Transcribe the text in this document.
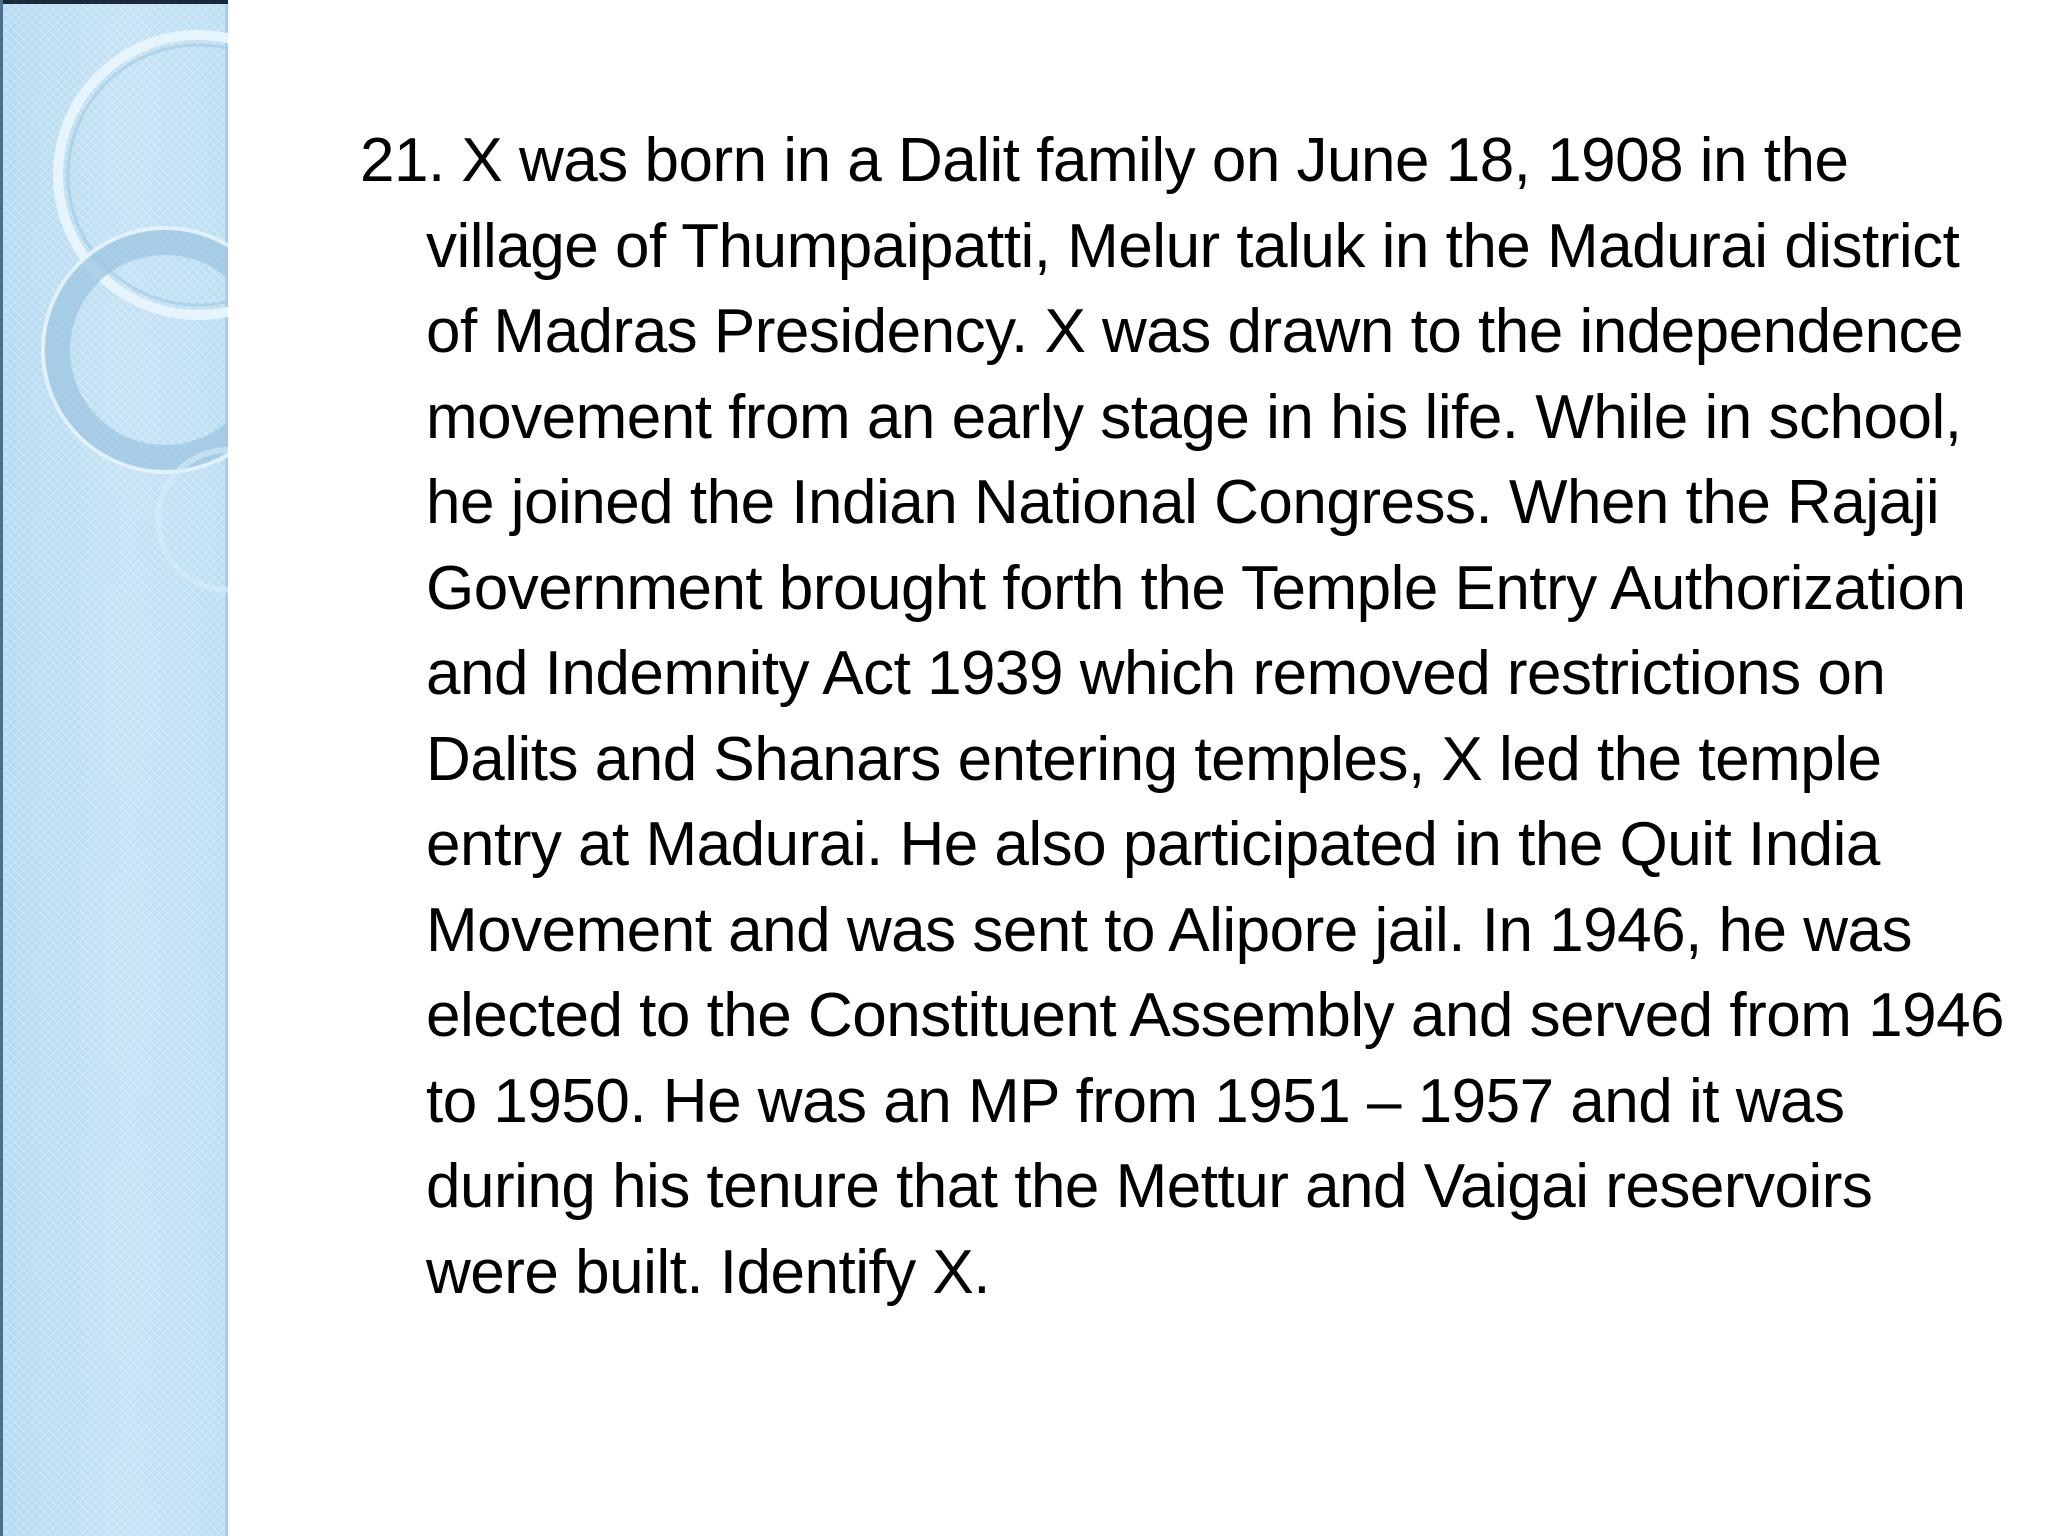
21. X was born in a Dalit family on June 18, 1908 in the village of Thumpaipatti, Melur taluk in the Madurai district of Madras Presidency. X was drawn to the independence movement from an early stage in his life. While in school, he joined the Indian National Congress. When the Rajaji Government brought forth the Temple Entry Authorization and Indemnity Act 1939 which removed restrictions on Dalits and Shanars entering temples, X led the temple entry at Madurai. He also participated in the Quit India Movement and was sent to Alipore jail. In 1946, he was elected to the Constituent Assembly and served from 1946 to 1950. He was an MP from 1951 – 1957 and it was during his tenure that the Mettur and Vaigai reservoirs were built. Identify X.
